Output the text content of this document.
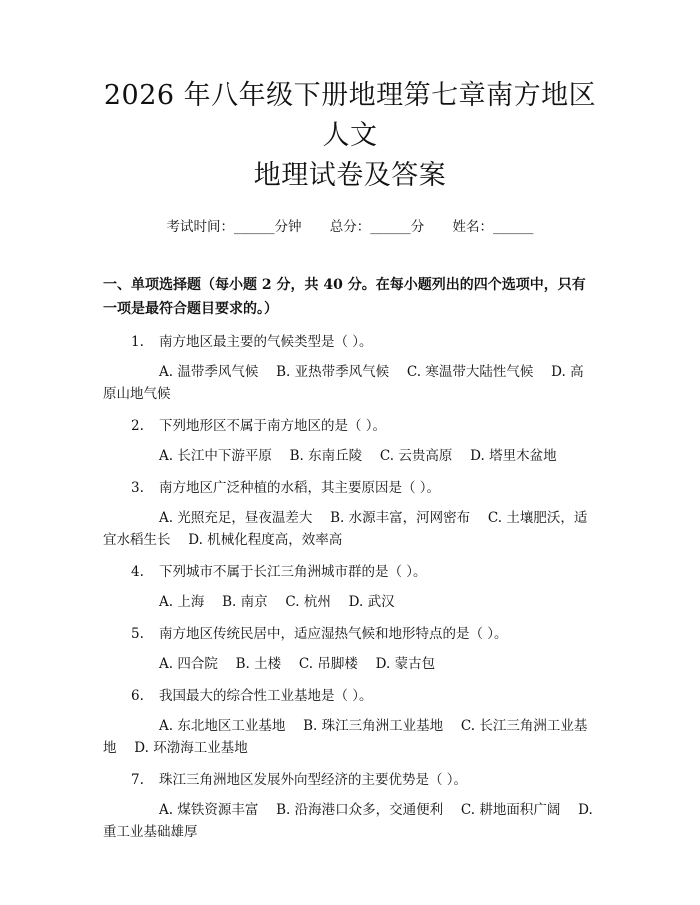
2026 年八年级下册地理第七章南方地区人文
地理试卷及答案
考试时间：______分钟 总分：______分 姓名：______
一、单项选择题（每小题 2 分，共 40 分。在每小题列出的四个选项中，只有一项是最符合题目要求的。）
1. 南方地区最主要的气候类型是（ ）。
A. 温带季风气候　 B. 亚热带季风气候　 C. 寒温带大陆性气候　 D. 高原山地气候
2. 下列地形区不属于南方地区的是（ ）。
A. 长江中下游平原　 B. 东南丘陵　 C. 云贵高原　 D. 塔里木盆地
3. 南方地区广泛种植的水稻，其主要原因是（ ）。
A. 光照充足，昼夜温差大　 B. 水源丰富，河网密布　 C. 土壤肥沃，适宜水稻生长　 D. 机械化程度高，效率高
4. 下列城市不属于长江三角洲城市群的是（ ）。
A. 上海　 B. 南京　 C. 杭州　 D. 武汉
5. 南方地区传统民居中，适应湿热气候和地形特点的是（ ）。
A. 四合院　 B. 土楼　 C. 吊脚楼　 D. 蒙古包
6. 我国最大的综合性工业基地是（ ）。
A. 东北地区工业基地　 B. 珠江三角洲工业基地　 C. 长江三角洲工业基地　 D. 环渤海工业基地
7. 珠江三角洲地区发展外向型经济的主要优势是（ ）。
A. 煤铁资源丰富　 B. 沿海港口众多，交通便利　 C. 耕地面积广阔　 D. 重工业基础雄厚
